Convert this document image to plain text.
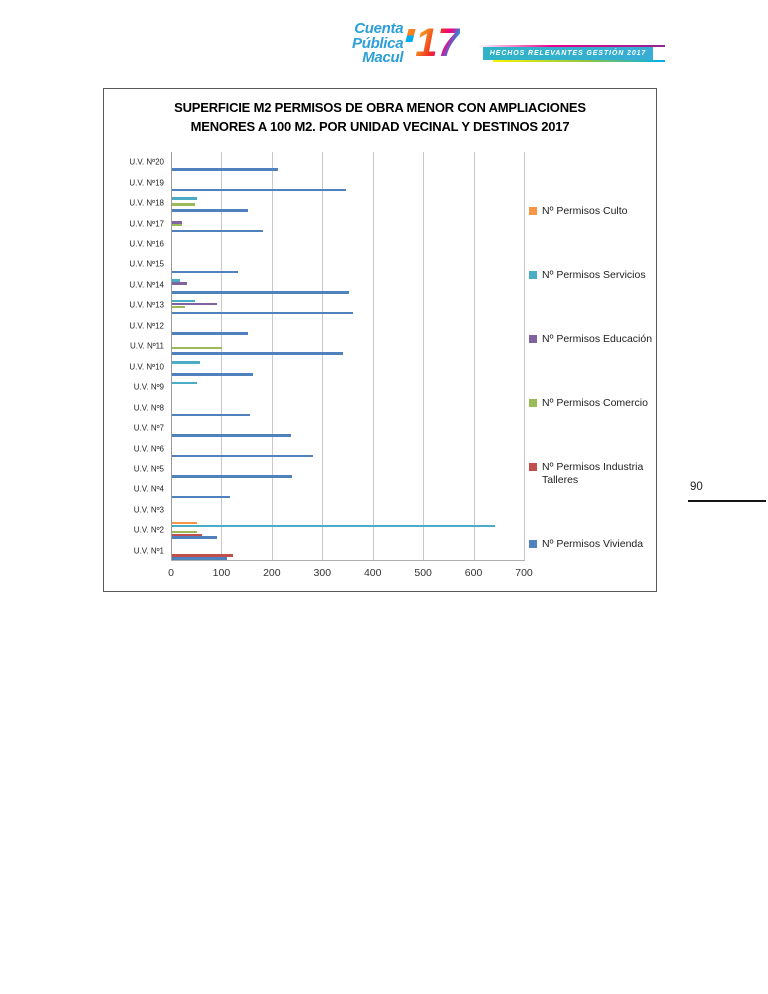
Cuenta
Pública
Macul 17	HECHOS RELEVANTES GESTIÓN 2017
SUPERFICIE M2 PERMISOS DE OBRA MENOR CON AMPLIACIONES
MENORES A 100 M2. POR UNIDAD VECINAL Y DESTINOS 2017
0	100	200	300	400	500	600	700
U.V. Nº20
U.V. Nº19
U.V. Nº18
U.V. Nº17
U.V. Nº16
U.V. Nº15
U.V. Nº14
U.V. Nº13
U.V. Nº12
U.V. Nº11
U.V. Nº10
U.V. Nº9
U.V. Nº8
U.V. Nº7
U.V. Nº6
U.V. Nº5
U.V. Nº4
U.V. Nº3
U.V. Nº2
U.V. Nº1
Nº Permisos Culto
Nº Permisos Servicios
Nº Permisos Educación
Nº Permisos Comercio
Nº Permisos Industria Talleres
Nº Permisos Vivienda
90
